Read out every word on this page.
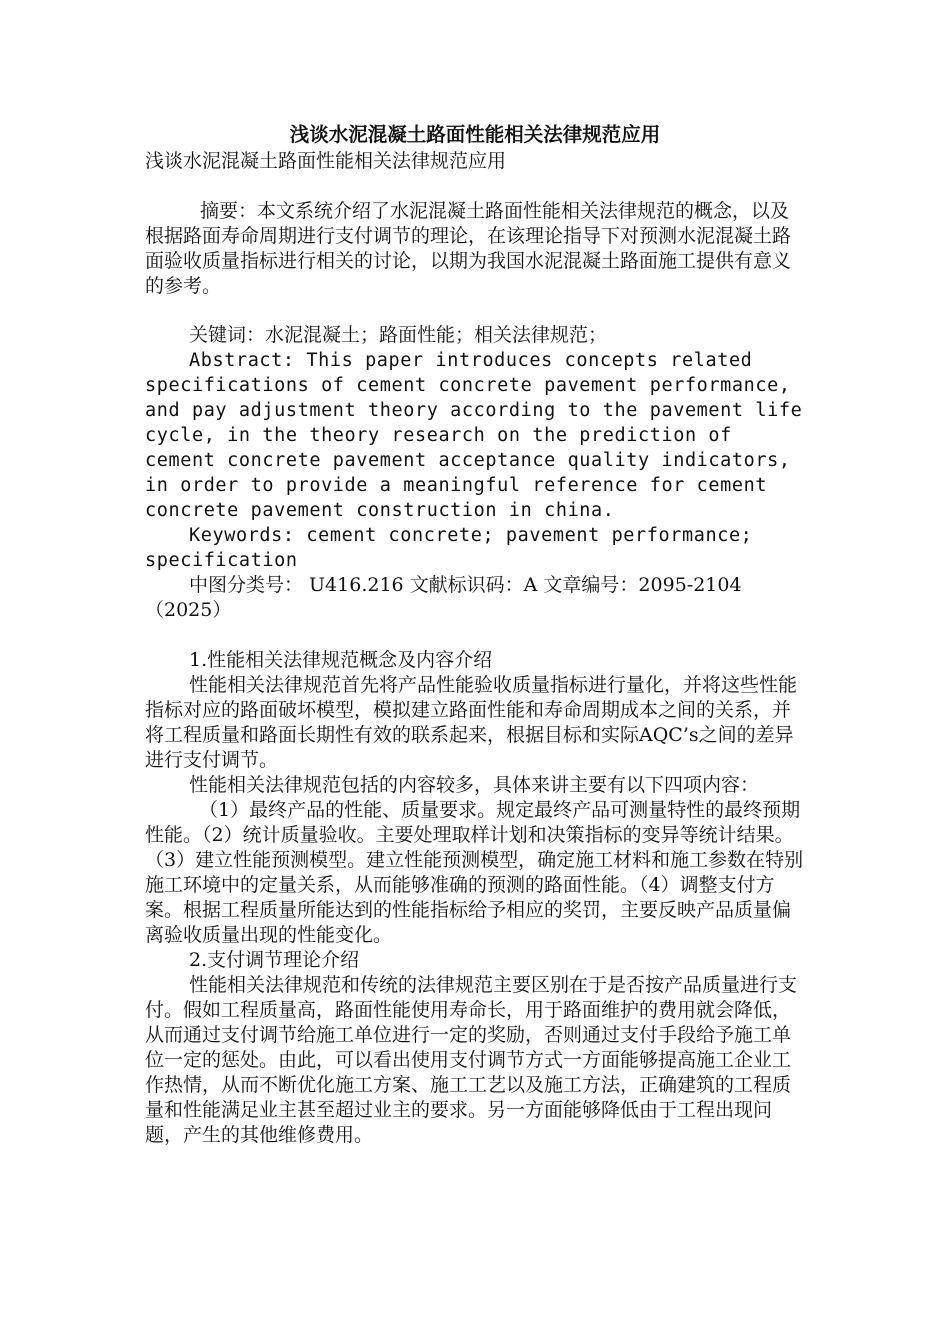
浅谈水泥混凝土路面性能相关法律规范应用

浅谈水泥混凝土路面性能相关法律规范应用

摘要：本文系统介绍了水泥混凝土路面性能相关法律规范的概念，以及根据路面寿命周期进行支付调节的理论，在该理论指导下对预测水泥混凝土路面验收质量指标进行相关的讨论，以期为我国水泥混凝土路面施工提供有意义的参考。

关键词：水泥混凝土；路面性能；相关法律规范；

Abstract: This paper introduces concepts related specifications of cement concrete pavement performance, and pay adjustment theory according to the pavement life cycle, in the theory research on the prediction of cement concrete pavement acceptance quality indicators, in order to provide a meaningful reference for cement concrete pavement construction in china.

Keywords: cement concrete; pavement performance; specification

中图分类号： U416.216 文献标识码：A 文章编号：2095-2104（2025）

1.性能相关法律规范概念及内容介绍

性能相关法律规范首先将产品性能验收质量指标进行量化，并将这些性能指标对应的路面破坏模型，模拟建立路面性能和寿命周期成本之间的关系，并将工程质量和路面长期性有效的联系起来，根据目标和实际AQC’s之间的差异进行支付调节。

性能相关法律规范包括的内容较多，具体来讲主要有以下四项内容：

（1）最终产品的性能、质量要求。规定最终产品可测量特性的最终预期性能。（2）统计质量验收。主要处理取样计划和决策指标的变异等统计结果。（3）建立性能预测模型。建立性能预测模型，确定施工材料和施工参数在特别施工环境中的定量关系，从而能够准确的预测的路面性能。（4）调整支付方案。根据工程质量所能达到的性能指标给予相应的奖罚，主要反映产品质量偏离验收质量出现的性能变化。

2.支付调节理论介绍

性能相关法律规范和传统的法律规范主要区别在于是否按产品质量进行支付。假如工程质量高，路面性能使用寿命长，用于路面维护的费用就会降低，从而通过支付调节给施工单位进行一定的奖励，否则通过支付手段给予施工单位一定的惩处。由此，可以看出使用支付调节方式一方面能够提高施工企业工作热情，从而不断优化施工方案、施工工艺以及施工方法，正确建筑的工程质量和性能满足业主甚至超过业主的要求。另一方面能够降低由于工程出现问题，产生的其他维修费用。
